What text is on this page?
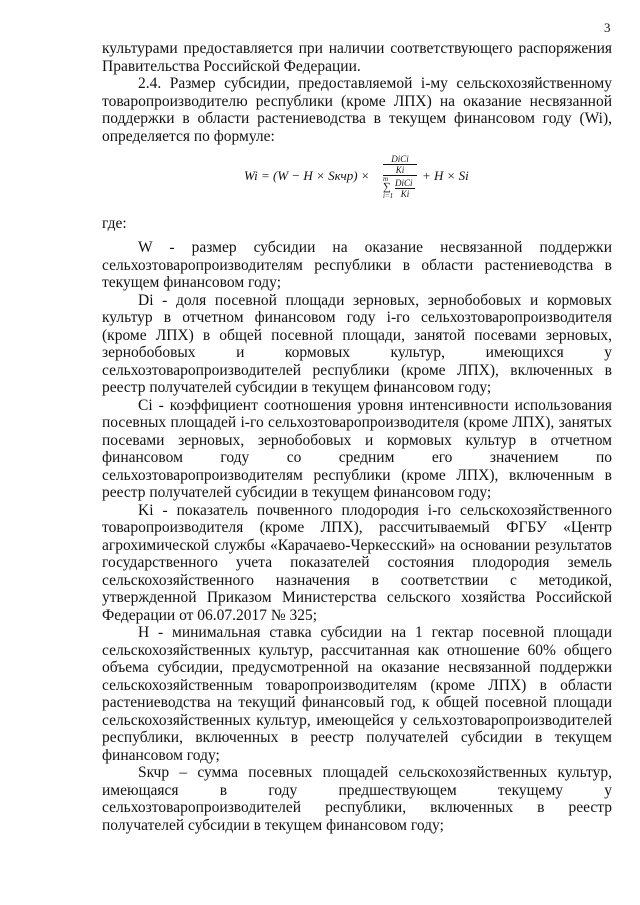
3

культурами предоставляется при наличии соответствующего распоряжения Правительства Российской Федерации.

2.4. Размер субсидии, предоставляемой i-му сельскохозяйственному товаропроизводителю республики (кроме ЛПХ) на оказание несвязанной поддержки в области растениеводства в текущем финансовом году (Wi), определяется по формуле:

Wi = (W − H × Sкчр) ×
DiCi
Ki
m
∑
i=1
DiCi
Ki
+ H × Si
где:

W - размер субсидии на оказание несвязанной поддержки сельхозтоваропроизводителям республики в области растениеводства в текущем финансовом году;

Di - доля посевной площади зерновых, зернобобовых и кормовых культур в отчетном финансовом году i-го сельхозтоваропроизводителя (кроме ЛПХ) в общей посевной площади, занятой посевами зерновых, зернобобовых и кормовых культур, имеющихся у сельхозтоваропроизводителей республики (кроме ЛПХ), включенных в реестр получателей субсидии в текущем финансовом году;

Ci - коэффициент соотношения уровня интенсивности использования посевных площадей i-го сельхозтоваропроизводителя (кроме ЛПХ), занятых посевами зерновых, зернобобовых и кормовых культур в отчетном финансовом году со средним его значением по сельхозтоваропроизводителям республики (кроме ЛПХ), включенным в реестр получателей субсидии в текущем финансовом году;

Ki - показатель почвенного плодородия i-го сельскохозяйственного товаропроизводителя (кроме ЛПХ), рассчитываемый ФГБУ «Центр агрохимической службы «Карачаево-Черкесский» на основании результатов государственного учета показателей состояния плодородия земель сельскохозяйственного назначения в соответствии с методикой, утвержденной Приказом Министерства сельского хозяйства Российской Федерации от 06.07.2017 № 325;

H - минимальная ставка субсидии на 1 гектар посевной площади сельскохозяйственных культур, рассчитанная как отношение 60% общего объема субсидии, предусмотренной на оказание несвязанной поддержки сельскохозяйственным товаропроизводителям (кроме ЛПХ) в области растениеводства на текущий финансовый год, к общей посевной площади сельскохозяйственных культур, имеющейся у сельхозтоваропроизводителей республики, включенных в реестр получателей субсидии в текущем финансовом году;

Sкчр – сумма посевных площадей сельскохозяйственных культур, имеющаяся в году предшествующем текущему у сельхозтоваропроизводителей республики, включенных в реестр получателей субсидии в текущем финансовом году;
